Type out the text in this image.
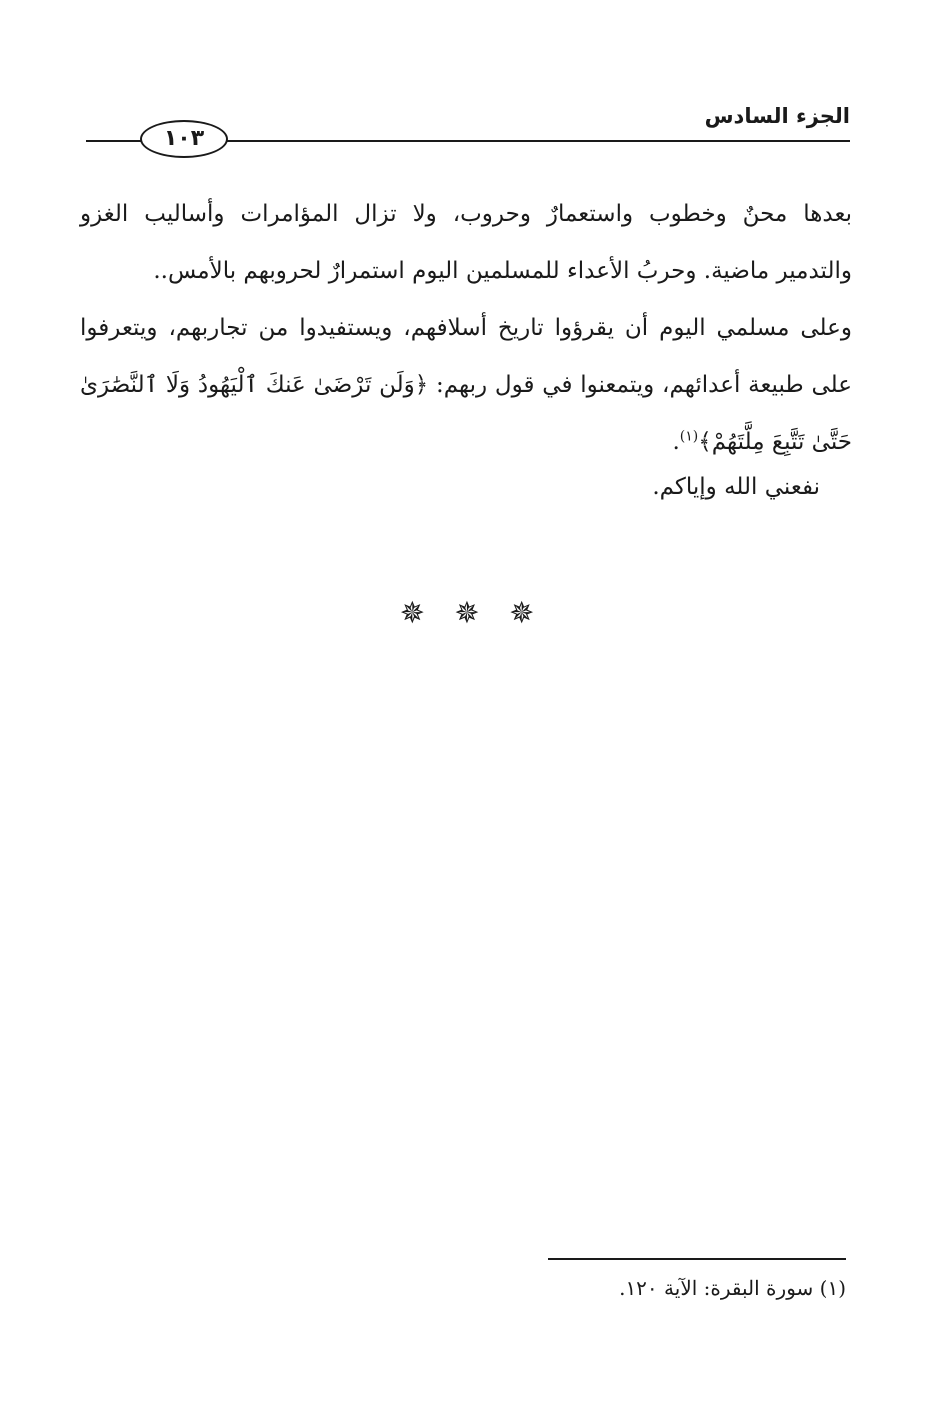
الجزء السادس
١٠٣

بعدها محنٌ وخطوب واستعمارٌ وحروب، ولا تزال المؤامرات وأساليب الغزو والتدمير ماضية. وحربُ الأعداء للمسلمين اليوم استمرارٌ لحروبهم بالأمس..

وعلى مسلمي اليوم أن يقرؤوا تاريخ أسلافهم، ويستفيدوا من تجاربهم، ويتعرفوا على طبيعة أعدائهم، ويتمعنوا في قول ربهم: ﴿وَلَن تَرْضَىٰ عَنكَ ٱلْيَهُودُ وَلَا ٱلنَّصَٰرَىٰ حَتَّىٰ تَتَّبِعَ مِلَّتَهُمْ﴾$^{(١)}$.

نفعني الله وإياكم.
✵ ✵ ✵
(١) سورة البقرة: الآية ١٢٠.
